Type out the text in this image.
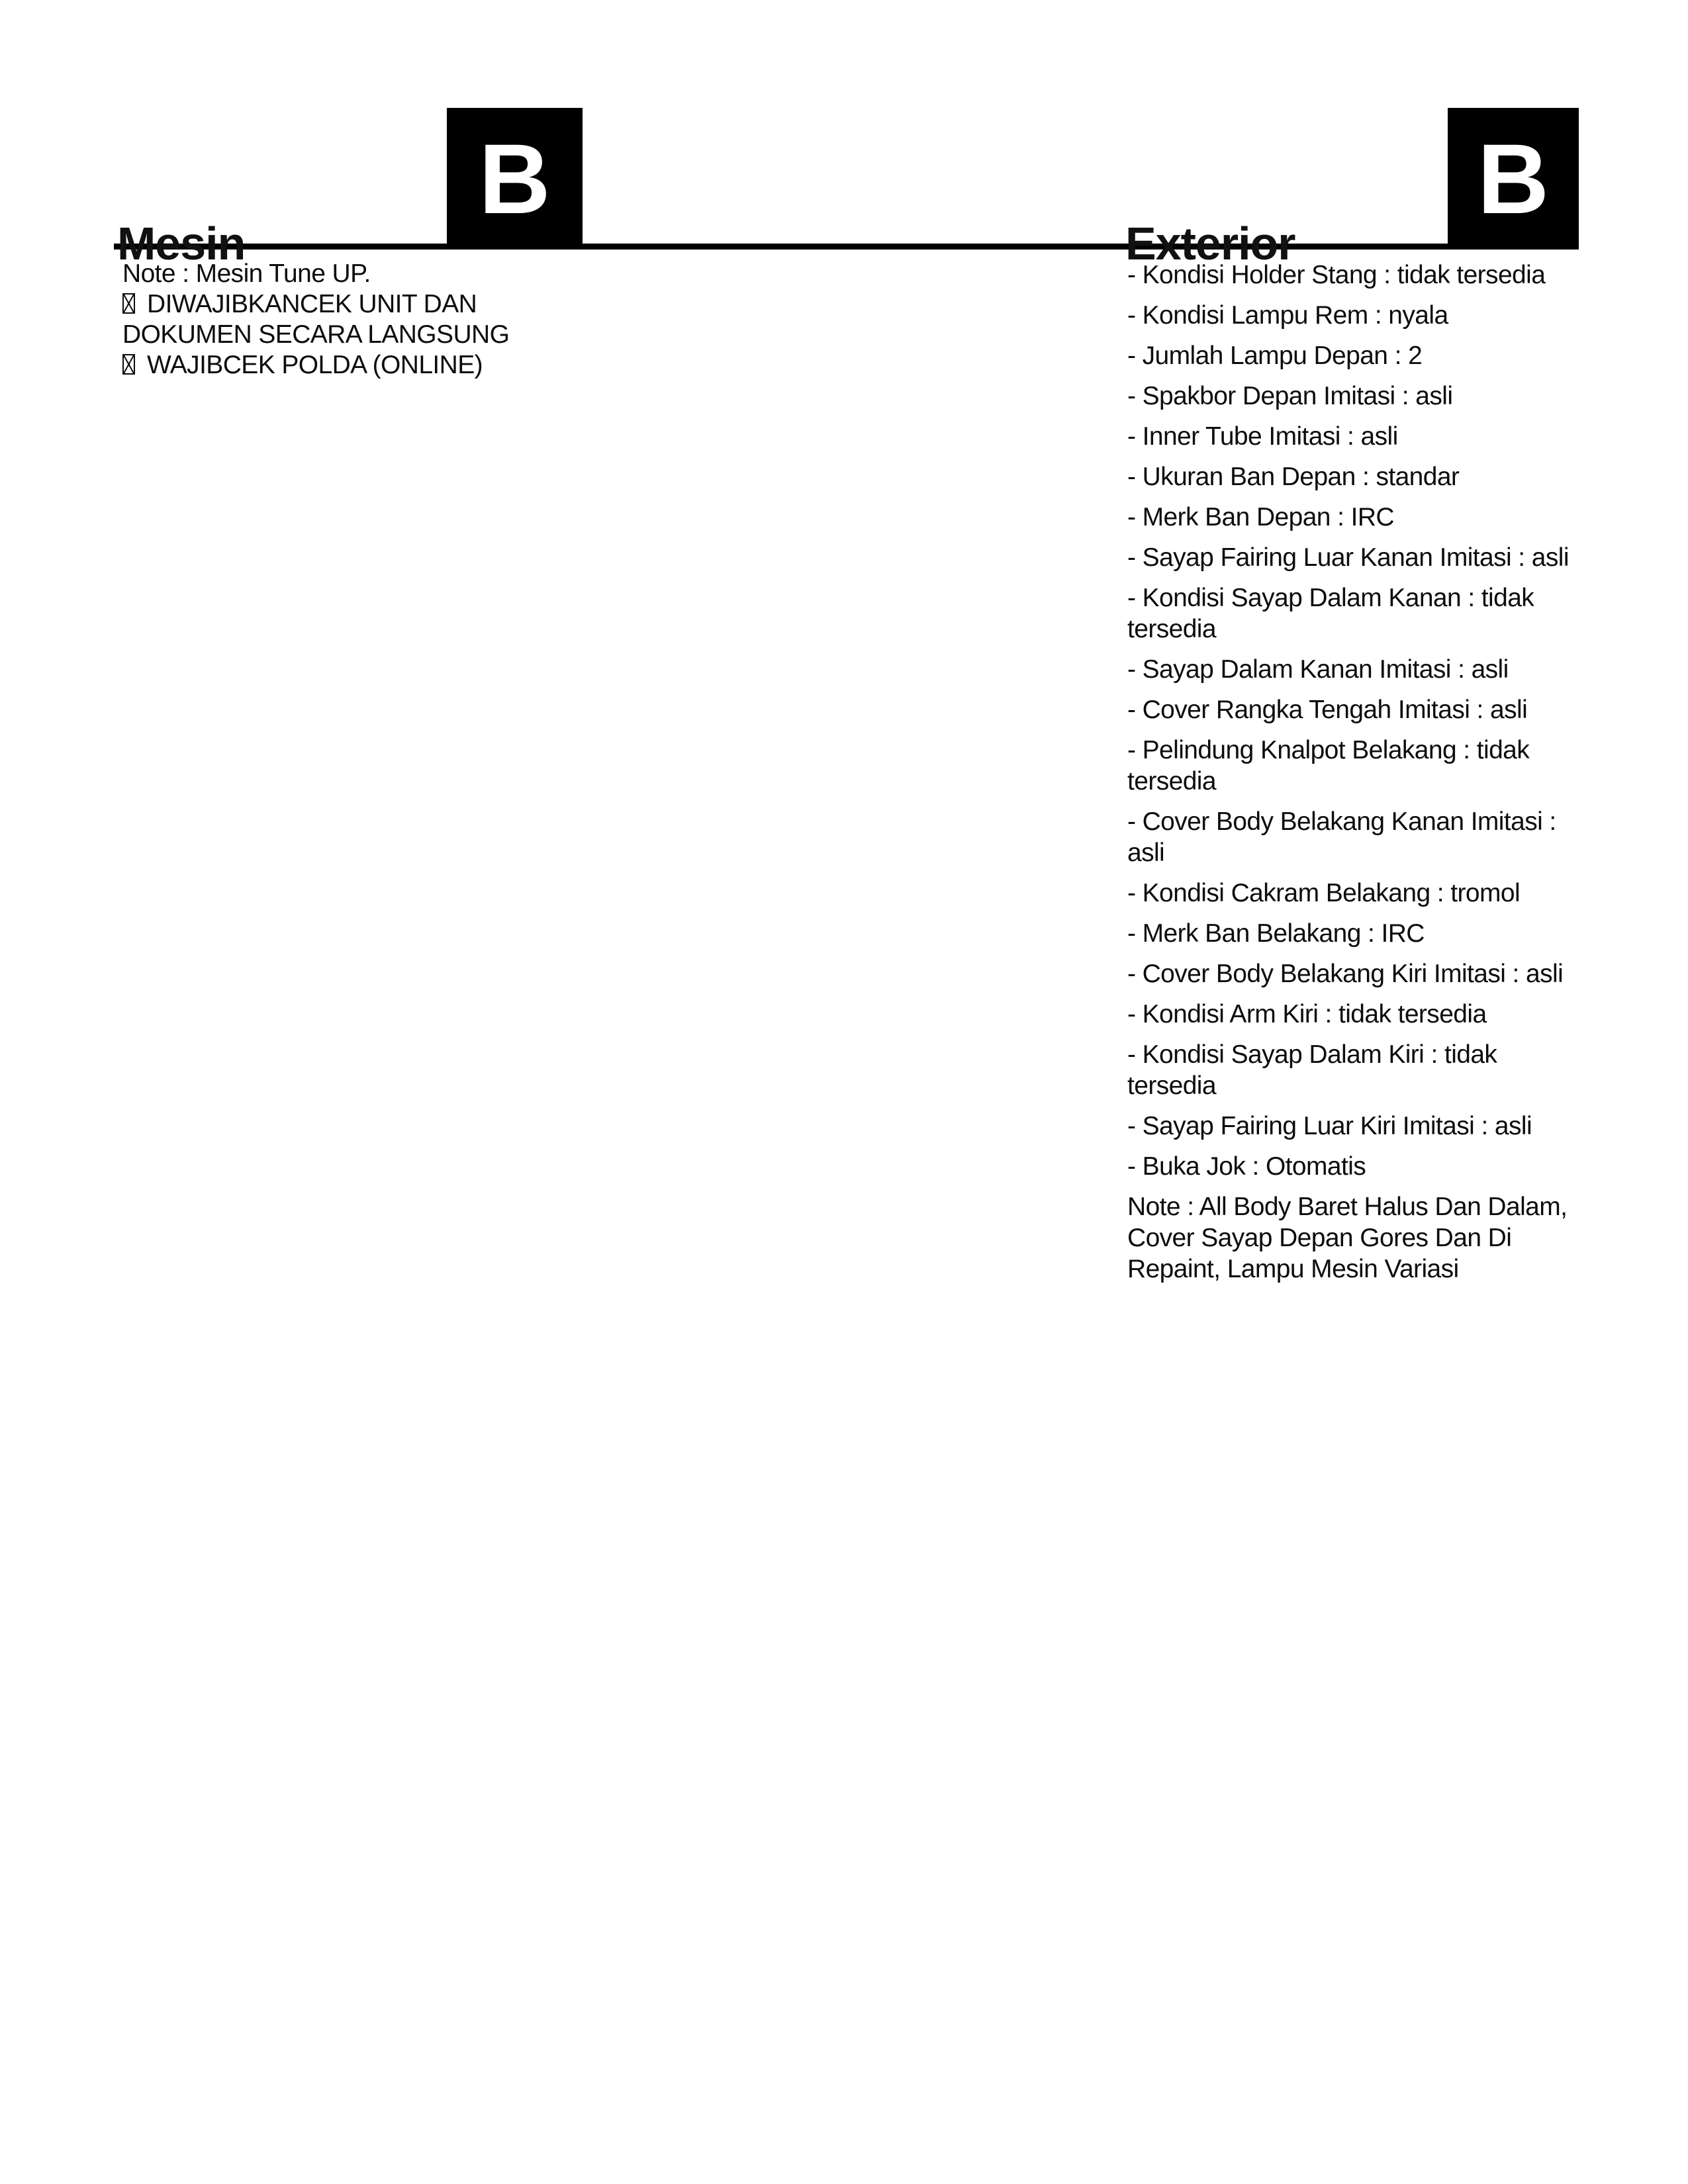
Mesin
B

Note : Mesin Tune UP.

DIWAJIBKANCEK UNIT DAN DOKUMEN SECARA LANGSUNG

WAJIBCEK POLDA (ONLINE)

Exterior
B

- Kondisi Holder Stang : tidak tersedia

- Kondisi Lampu Rem : nyala

- Jumlah Lampu Depan : 2

- Spakbor Depan Imitasi : asli

- Inner Tube Imitasi : asli

- Ukuran Ban Depan : standar

- Merk Ban Depan : IRC

- Sayap Fairing Luar Kanan Imitasi : asli

- Kondisi Sayap Dalam Kanan : tidak tersedia

- Sayap Dalam Kanan Imitasi : asli

- Cover Rangka Tengah Imitasi : asli

- Pelindung Knalpot Belakang : tidak tersedia

- Cover Body Belakang Kanan Imitasi : asli

- Kondisi Cakram Belakang : tromol

- Merk Ban Belakang : IRC

- Cover Body Belakang Kiri Imitasi : asli

- Kondisi Arm Kiri : tidak tersedia

- Kondisi Sayap Dalam Kiri : tidak tersedia

- Sayap Fairing Luar Kiri Imitasi : asli

- Buka Jok : Otomatis

Note : All Body Baret Halus Dan Dalam, Cover Sayap Depan Gores Dan Di Repaint, Lampu Mesin Variasi
